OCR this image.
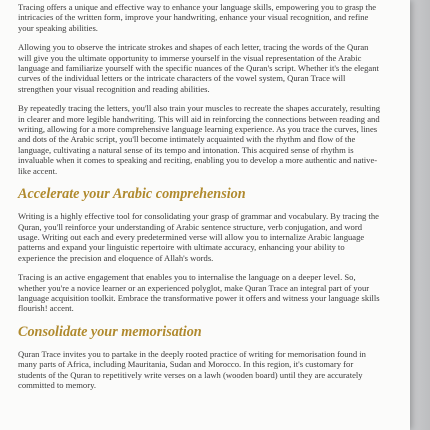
Tracing offers a unique and effective way to enhance your language skills, empowering you to grasp the intricacies of the written form, improve your handwriting, enhance your visual recognition, and refine your speaking abilities.

Allowing you to observe the intricate strokes and shapes of each letter, tracing the words of the Quran will give you the ultimate opportunity to immerse yourself in the visual representation of the Arabic language and familiarize yourself with the specific nuances of the Quran's script. Whether it's the elegant curves of the individual letters or the intricate characters of the vowel system, Quran Trace will strengthen your visual recognition and reading abilities.

By repeatedly tracing the letters, you'll also train your muscles to recreate the shapes accurately, resulting in clearer and more legible handwriting. This will aid in reinforcing the connections between reading and writing, allowing for a more comprehensive language learning experience. As you trace the curves, lines and dots of the Arabic script, you'll become intimately acquainted with the rhythm and flow of the language, cultivating a natural sense of its tempo and intonation. This acquired sense of rhythm is invaluable when it comes to speaking and reciting, enabling you to develop a more authentic and native-like accent.

Accelerate your Arabic comprehension

Writing is a highly effective tool for consolidating your grasp of grammar and vocabulary. By tracing the Quran, you'll reinforce your understanding of Arabic sentence structure, verb conjugation, and word usage. Writing out each and every predetermined verse will allow you to internalize Arabic language patterns and expand your linguistic repertoire with ultimate accuracy, enhancing your ability to experience the precision and eloquence of Allah's words.

Tracing is an active engagement that enables you to internalise the language on a deeper level. So, whether you're a novice learner or an experienced polyglot, make Quran Trace an integral part of your language acquisition toolkit. Embrace the transformative power it offers and witness your language skills flourish! accent.

Consolidate your memorisation

Quran Trace invites you to partake in the deeply rooted practice of writing for memorisation found in many parts of Africa, including Mauritania, Sudan and Morocco. In this region, it's customary for students of the Quran to repetitively write verses on a lawh (wooden board) until they are accurately committed to memory.
